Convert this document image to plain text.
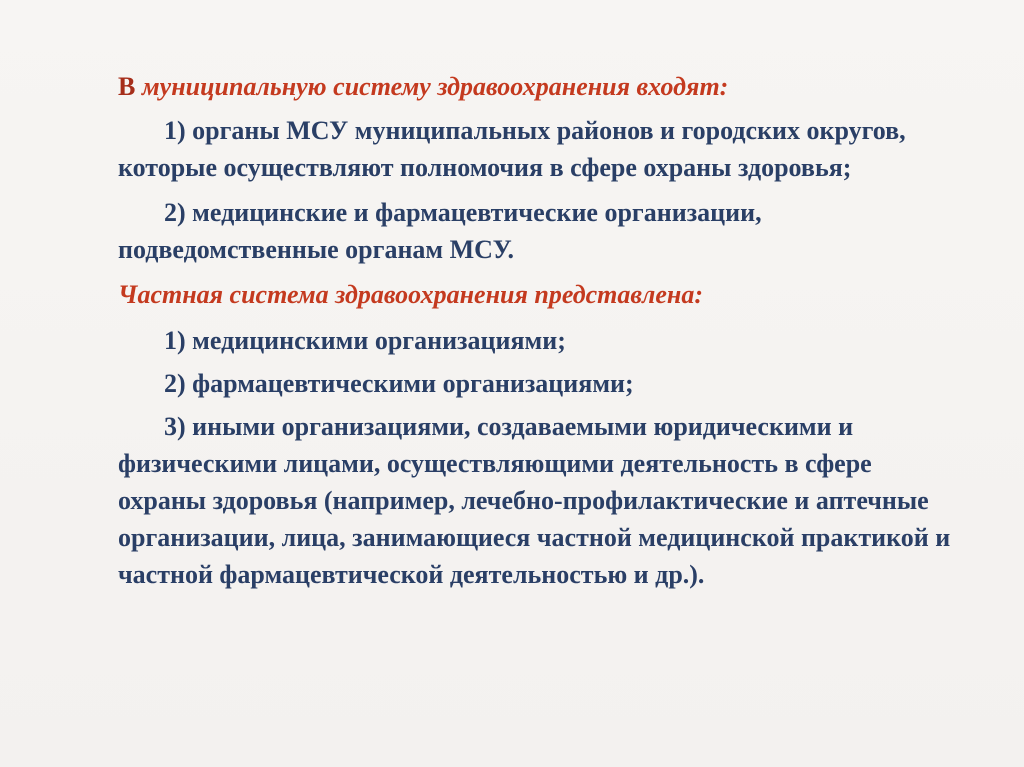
В муниципальную систему здравоохранения входят:

1) органы МСУ муниципальных районов и городских округов, которые осуществляют полномочия в сфере охраны здоровья;

2) медицинские и фармацевтические организации, подведомственные органам МСУ.

Частная система здравоохранения представлена:

1) медицинскими организациями;

2) фармацевтическими организациями;

3) иными организациями, создаваемыми юридическими и физическими лицами, осуществляющими деятельность в сфере охраны здоровья (например, лечебно-профилактические и аптечные организации, лица, занимающиеся частной медицинской практикой и частной фармацевтической деятельностью и др.).
